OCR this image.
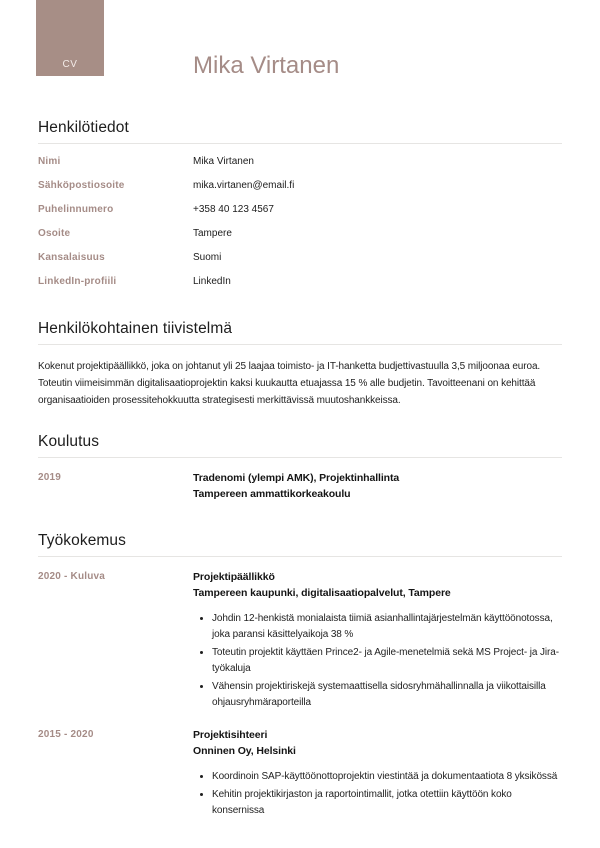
CV	Mika Virtanen
Henkilötiedot
Nimi	Mika Virtanen
Sähköpostiosoite	mika.virtanen@email.fi
Puhelinnumero	+358 40 123 4567
Osoite	Tampere
Kansalaisuus	Suomi
LinkedIn-profiili	LinkedIn
Henkilökohtainen tiivistelmä

Kokenut projektipäällikkö, joka on johtanut yli 25 laajaa toimisto- ja IT-hanketta budjettivastuulla 3,5 miljoonaa euroa. Toteutin viimeisimmän digitalisaatioprojektin kaksi kuukautta etuajassa 15 % alle budjetin. Tavoitteenani on kehittää organisaatioiden prosessitehokkuutta strategisesti merkittävissä muutoshankkeissa.

Koulutus
2019	Tradenomi (ylempi AMK), Projektinhallinta
Tampereen ammattikorkeakoulu
Työkokemus
2020 - Kuluva	Projektipäällikkö
Tampereen kaupunki, digitalisaatiopalvelut, Tampere
• Johdin 12-henkistä monialaista tiimiä asianhallintajärjestelmän käyttöönotossa, joka paransi käsittelyaikoja 38 %
• Toteutin projektit käyttäen Prince2- ja Agile-menetelmiä sekä MS Project- ja Jira-työkaluja
• Vähensin projektiriskejä systemaattisella sidosryhmähallinnalla ja viikottaisilla ohjausryhmäraporteilla
2015 - 2020	Projektisihteeri
Onninen Oy, Helsinki
• Koordinoin SAP-käyttöönottoprojektin viestintää ja dokumentaatiota 8 yksikössä
• Kehitin projektikirjaston ja raportointimallit, jotka otettiin käyttöön koko konsernissa
